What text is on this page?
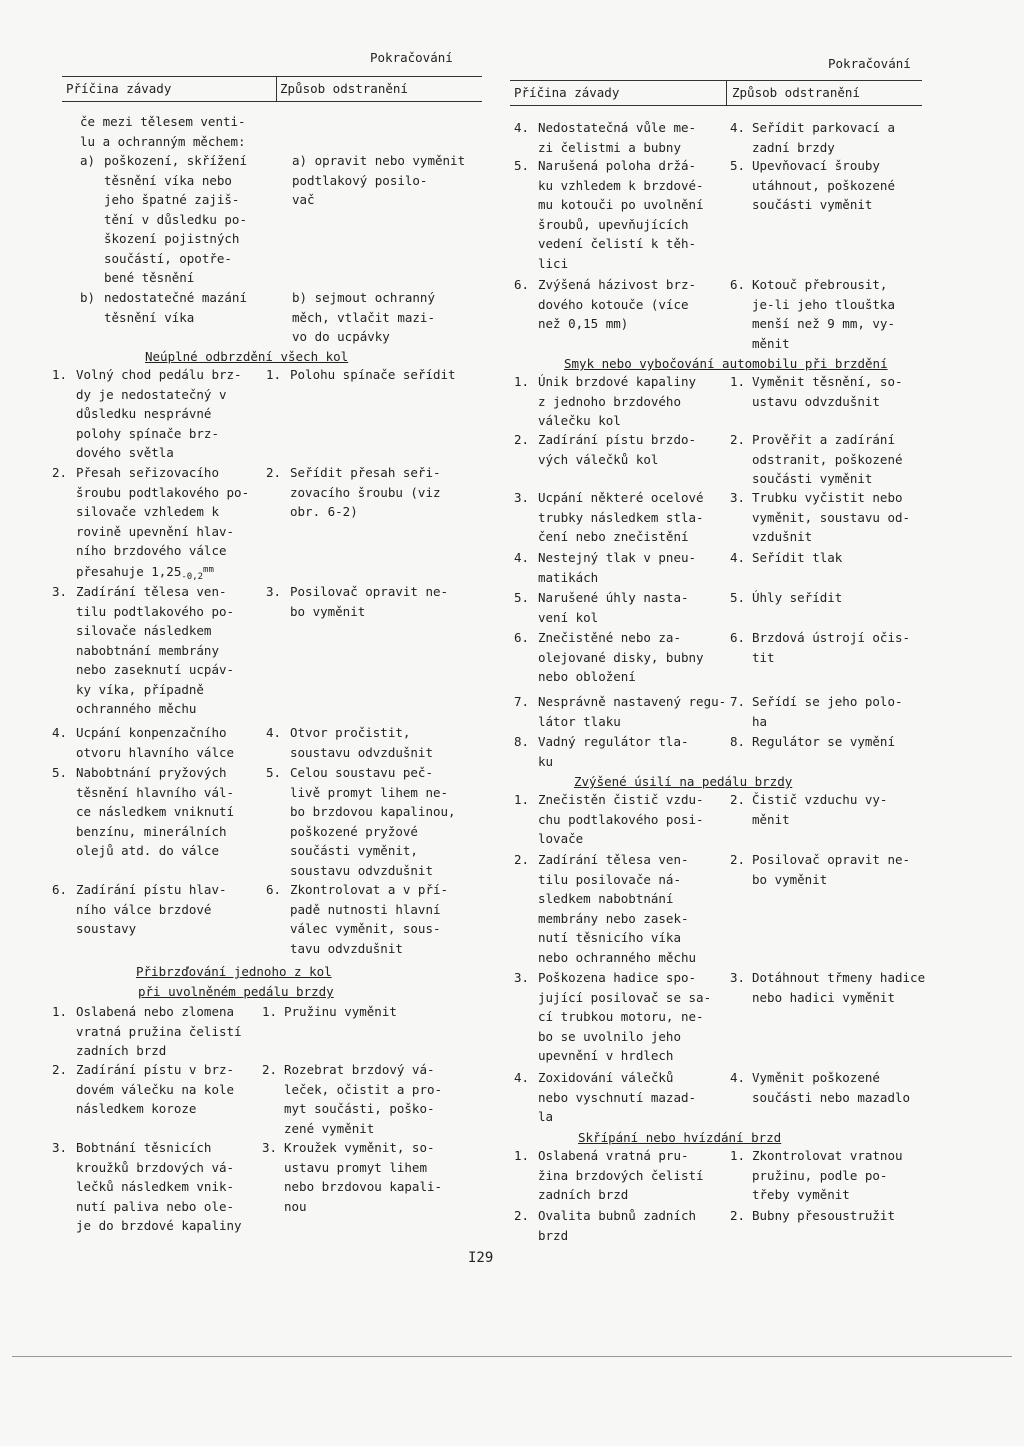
Pokračování
Příčina závady	Způsob odstranění
če mezi tělesem venti-
lu a ochranným měchem:
a) poškození, skřížení
těsnění víka nebo
jeho špatné zajiš-
tění v důsledku po-
škození pojistných
součástí, opotře-
bené těsnění
a) opravit nebo vyměnit
podtlakový posilo-
vač
b) nedostatečné mazání
těsnění víka
b) sejmout ochranný
měch, vtlačit mazi-
vo do ucpávky
Neúplné odbrzdění všech kol
1. Volný chod pedálu brz-
dy je nedostatečný v
důsledku nesprávné
polohy spínače brz-
dového světla
1. Polohu spínače seřídit
2. Přesah seřizovacího
šroubu podtlakového po-
silovače vzhledem k
rovině upevnění hlav-
ního brzdového válce
přesahuje $1,25_{-0,2}^{mm}$
2. Seřídit přesah seři-
zovacího šroubu (viz
obr. 6-2)
3. Zadírání tělesa ven-
tilu podtlakového po-
silovače následkem
nabobtnání membrány
nebo zaseknutí ucpáv-
ky víka, případně
ochranného měchu
3. Posilovač opravit ne-
bo vyměnit
4. Ucpání konpenzačního
otvoru hlavního válce
4. Otvor pročistit,
soustavu odvzdušnit
5. Nabobtnání pryžových
těsnění hlavního vál-
ce následkem vniknutí
benzínu, minerálních
olejů atd. do válce
5. Celou soustavu peč-
livě promyt lihem ne-
bo brzdovou kapalinou,
poškozené pryžové
součásti vyměnit,
soustavu odvzdušnit
6. Zadírání pístu hlav-
ního válce brzdové
soustavy
6. Zkontrolovat a v pří-
padě nutnosti hlavní
válec vyměnit, sous-
tavu odvzdušnit
Přibrzďování jednoho z kol
při uvolněném pedálu brzdy
1. Oslabená nebo zlomena
vratná pružina čelistí
zadních brzd
1. Pružinu vyměnit
2. Zadírání pístu v brz-
dovém válečku na kole
následkem koroze
2. Rozebrat brzdový vá-
leček, očistit a pro-
myt součásti, poško-
zené vyměnit
3. Bobtnání těsnicích
kroužků brzdových vá-
lečků následkem vnik-
nutí paliva nebo ole-
je do brzdové kapaliny
3. Kroužek vyměnit, so-
ustavu promyt lihem
nebo brzdovou kapali-
nou
I29
Pokračování
Příčina závady	Způsob odstranění
4. Nedostatečná vůle me-
zi čelistmi a bubny
4. Seřídit parkovací a
zadní brzdy
5. Narušená poloha držá-
ku vzhledem k brzdové-
mu kotouči po uvolnění
šroubů, upevňujících
vedení čelistí k těh-
lici
5. Upevňovací šrouby
utáhnout, poškozené
součásti vyměnit
6. Zvýšená házivost brz-
dového kotouče (více
než 0,15 mm)
6. Kotouč přebrousit,
je-li jeho tlouštka
menší než 9 mm, vy-
měnit
Smyk nebo vybočování automobilu při brzdění
1. Únik brzdové kapaliny
z jednoho brzdového
válečku kol
1. Vyměnit těsnění, so-
ustavu odvzdušnit
2. Zadírání pístu brzdo-
vých válečků kol
2. Prověřit a zadírání
odstranit, poškozené
součásti vyměnit
3. Ucpání některé ocelové
trubky následkem stla-
čení nebo znečistění
3. Trubku vyčistit nebo
vyměnit, soustavu od-
vzdušnit
4. Nestejný tlak v pneu-
matikách
4. Seřídit tlak
5. Narušené úhly nasta-
vení kol
5. Úhly seřídit
6. Znečistěné nebo za-
olejované disky, bubny
nebo obložení
6. Brzdová ústrojí očis-
tit
7. Nesprávně nastavený regu-
látor tlaku
7. Seřídí se jeho polo-
ha
8. Vadný regulátor tla-
ku
8. Regulátor se vymění
Zvýšené úsilí na pedálu brzdy
1. Znečistěn čistič vzdu-
chu podtlakového posi-
lovače
2. Čistič vzduchu vy-
měnit
2. Zadírání tělesa ven-
tilu posilovače ná-
sledkem nabobtnání
membrány nebo zasek-
nutí těsnicího víka
nebo ochranného měchu
2. Posilovač opravit ne-
bo vyměnit
3. Poškozena hadice spo-
jující posilovač se sa-
cí trubkou motoru, ne-
bo se uvolnilo jeho
upevnění v hrdlech
3. Dotáhnout třmeny hadice
nebo hadici vyměnit
4. Zoxidování válečků
nebo vyschnutí mazad-
la
4. Vyměnit poškozené
součásti nebo mazadlo
Skřípání nebo hvízdání brzd
1. Oslabená vratná pru-
žina brzdových čelistí
zadních brzd
1. Zkontrolovat vratnou
pružinu, podle po-
třeby vyměnit
2. Ovalita bubnů zadních
brzd
2. Bubny přesoustružit
